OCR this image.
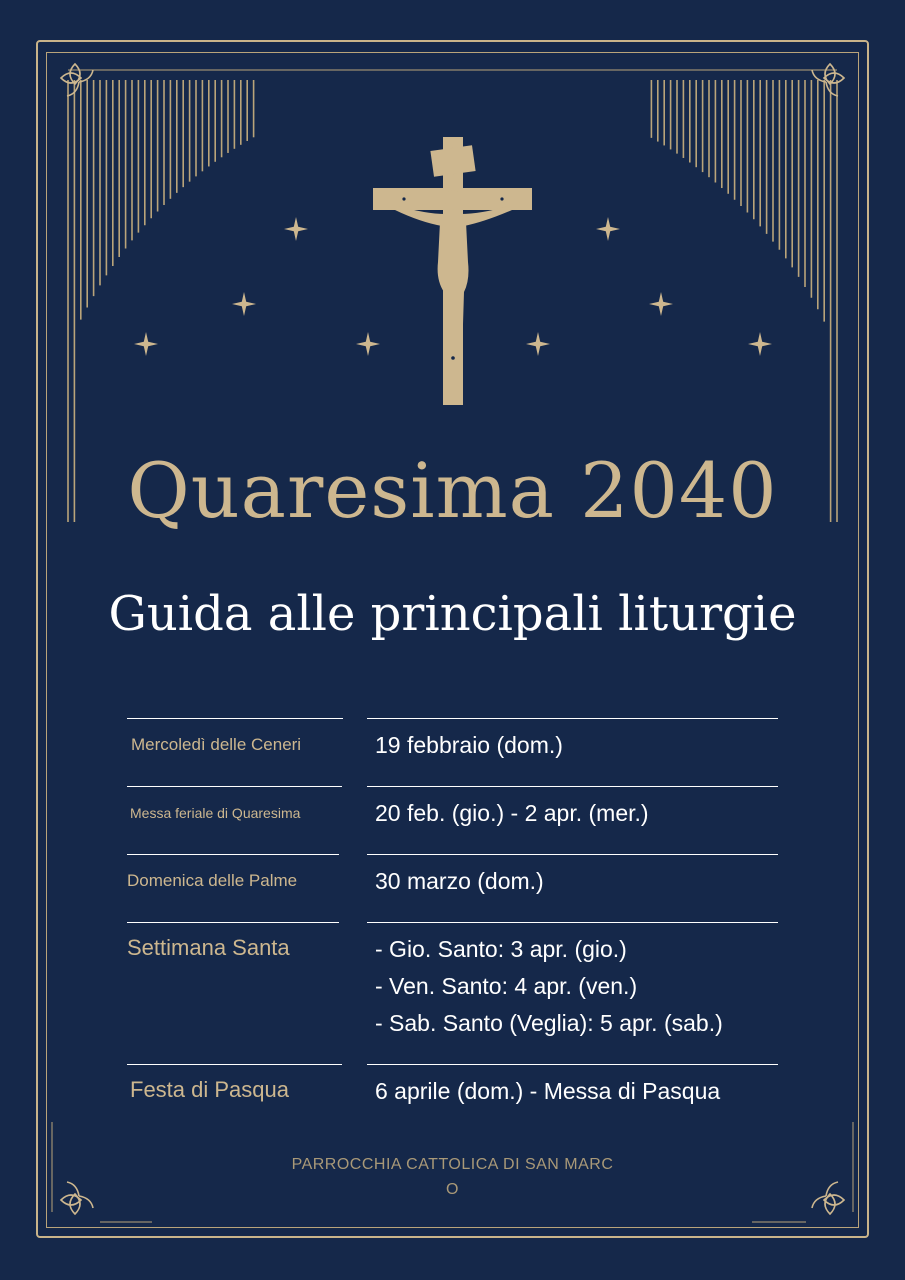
Quaresima 2040
Guida alle principali liturgie
Mercoledì delle Ceneri	19 febbraio (dom.)
Messa feriale di Quaresima	20 feb. (gio.) - 2 apr. (mer.)
Domenica delle Palme	30 marzo (dom.)
Settimana Santa	- Gio. Santo: 3 apr. (gio.)
- Ven. Santo: 4 apr. (ven.)
- Sab. Santo (Veglia): 5 apr. (sab.)
Festa di Pasqua	6 aprile (dom.) - Messa di Pasqua
PARROCCHIA CATTOLICA DI SAN MARCO
